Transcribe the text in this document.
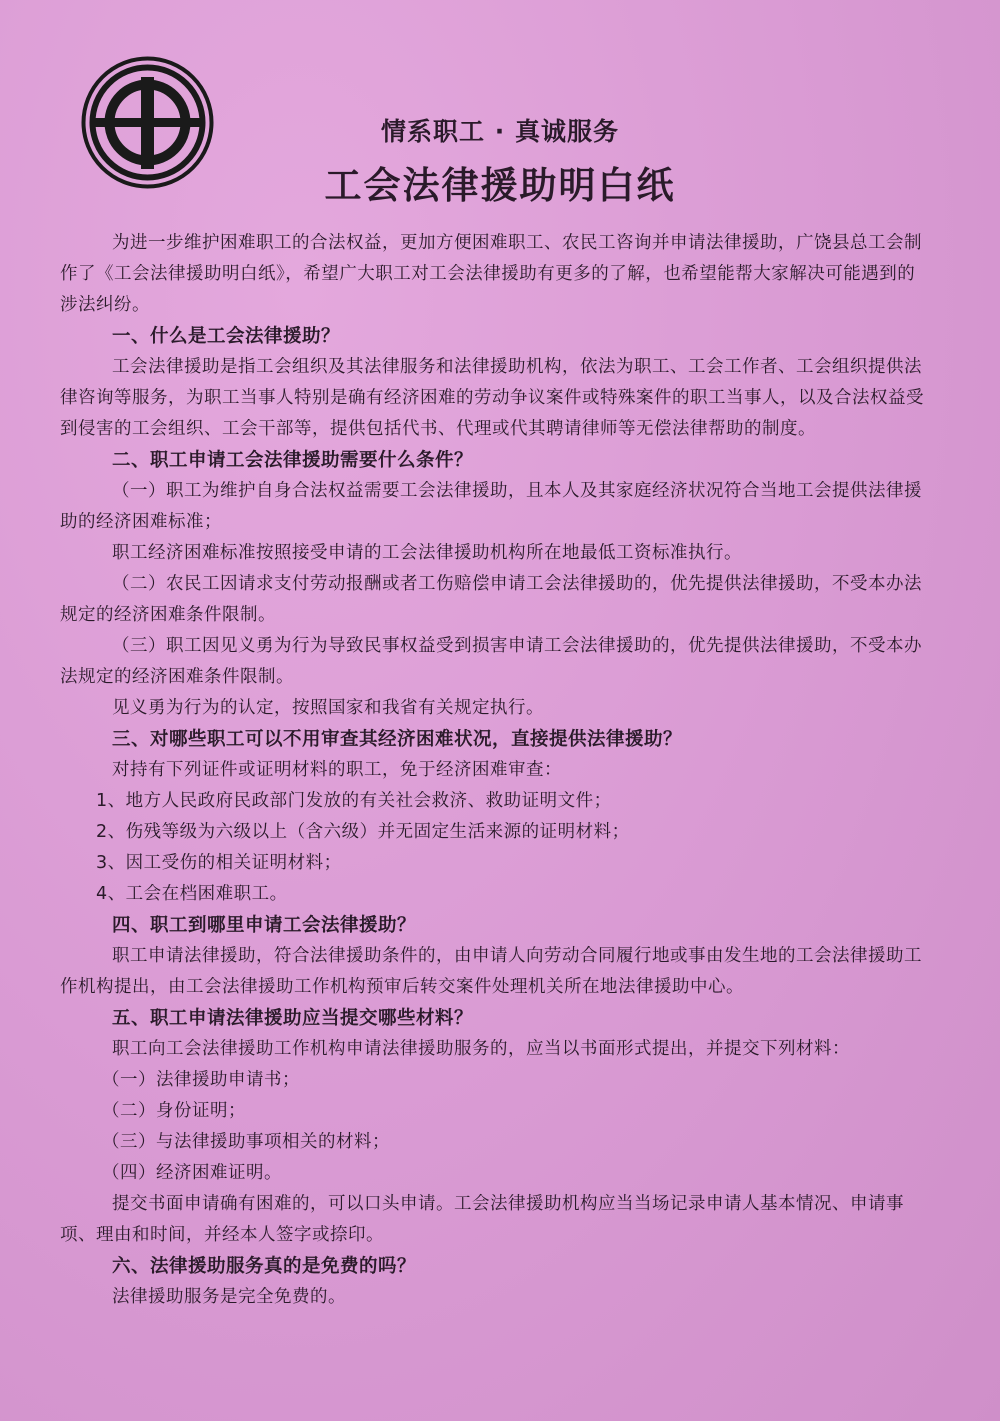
情系职工 · 真诚服务
工会法律援助明白纸

为进一步维护困难职工的合法权益，更加方便困难职工、农民工咨询并申请法律援助，广饶县总工会制作了《工会法律援助明白纸》，希望广大职工对工会法律援助有更多的了解，也希望能帮大家解决可能遇到的涉法纠纷。

一、什么是工会法律援助？

工会法律援助是指工会组织及其法律服务和法律援助机构，依法为职工、工会工作者、工会组织提供法律咨询等服务，为职工当事人特别是确有经济困难的劳动争议案件或特殊案件的职工当事人，以及合法权益受到侵害的工会组织、工会干部等，提供包括代书、代理或代其聘请律师等无偿法律帮助的制度。

二、职工申请工会法律援助需要什么条件？

（一）职工为维护自身合法权益需要工会法律援助，且本人及其家庭经济状况符合当地工会提供法律援助的经济困难标准；

职工经济困难标准按照接受申请的工会法律援助机构所在地最低工资标准执行。

（二）农民工因请求支付劳动报酬或者工伤赔偿申请工会法律援助的，优先提供法律援助，不受本办法规定的经济困难条件限制。

（三）职工因见义勇为行为导致民事权益受到损害申请工会法律援助的，优先提供法律援助，不受本办法规定的经济困难条件限制。

见义勇为行为的认定，按照国家和我省有关规定执行。

三、对哪些职工可以不用审查其经济困难状况，直接提供法律援助？

对持有下列证件或证明材料的职工，免于经济困难审查：

1、地方人民政府民政部门发放的有关社会救济、救助证明文件；

2、伤残等级为六级以上（含六级）并无固定生活来源的证明材料；

3、因工受伤的相关证明材料；

4、工会在档困难职工。

四、职工到哪里申请工会法律援助？

职工申请法律援助，符合法律援助条件的，由申请人向劳动合同履行地或事由发生地的工会法律援助工作机构提出，由工会法律援助工作机构预审后转交案件处理机关所在地法律援助中心。

五、职工申请法律援助应当提交哪些材料？

职工向工会法律援助工作机构申请法律援助服务的，应当以书面形式提出，并提交下列材料：

（一）法律援助申请书；

（二）身份证明；

（三）与法律援助事项相关的材料；

（四）经济困难证明。

提交书面申请确有困难的，可以口头申请。工会法律援助机构应当当场记录申请人基本情况、申请事项、理由和时间，并经本人签字或捺印。

六、法律援助服务真的是免费的吗？

法律援助服务是完全免费的。
